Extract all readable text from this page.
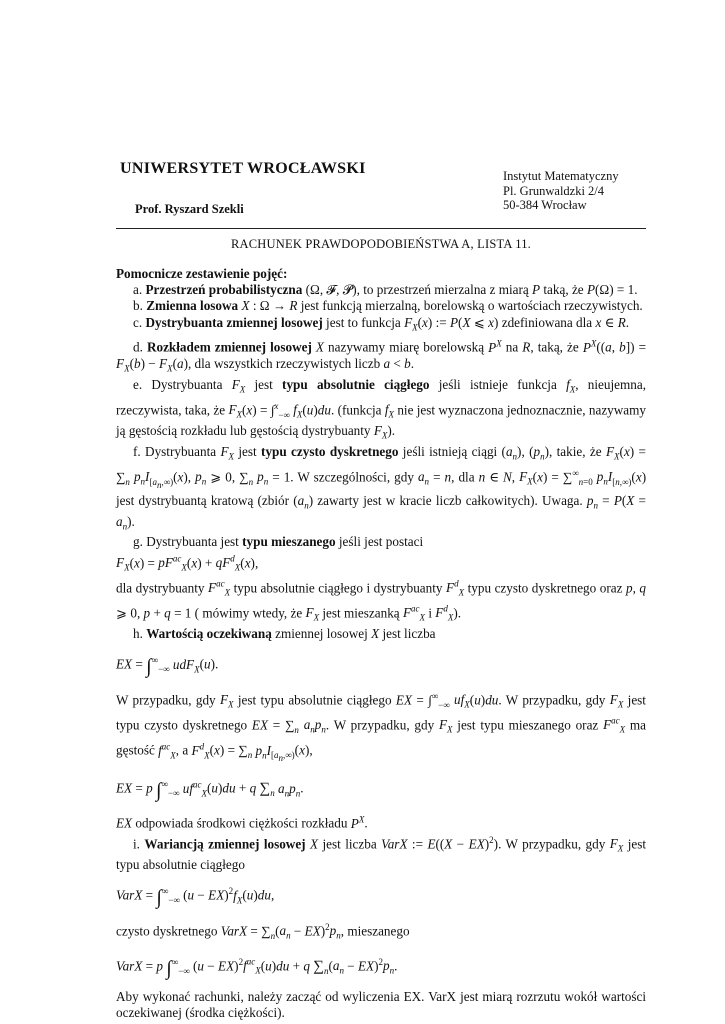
UNIWERSYTET WROCŁAWSKI
Prof. Ryszard Szekli
Instytut Matematyczny
Pl. Grunwaldzki 2/4
50-384 Wrocław
RACHUNEK PRAWDOPODOBIEŃSTWA A, LISTA 11.

Pomocnicze zestawienie pojęć:

a. Przestrzeń probabilistyczna (Ω, 𝓕, 𝓟), to przestrzeń mierzalna z miarą P taką, że P(Ω) = 1.

b. Zmienna losowa X : Ω → R jest funkcją mierzalną, borelowską o wartościach rzeczywistych.

c. Dystrybuanta zmiennej losowej jest to funkcja $F_X(x)$ := P(X ⩽ x) zdefiniowana dla x ∈ R.

d. Rozkładem zmiennej losowej X nazywamy miarę borelowską $P^X$ na R, taką, że $P^X((a$, $b]) = F_X(b) - F_X(a)$, dla wszystkich rzeczywistych liczb a < b.

e. Dystrybuanta $F_X$ jest typu absolutnie ciągłego jeśli istnieje funkcja $f_X$, nieujemna, rzeczywista, taka, że $F_X(x) = \int^x_{-\infty}$ $f_X(u)du$. (funkcja $f_X$ nie jest wyznaczona jednoznacznie, nazywamy ją gęstością rozkładu lub gęstością dystrybuanty $F_X$).

f. Dystrybuanta $F_X$ jest typu czysto dyskretnego jeśli istnieją ciągi $(a_n)$, $(p_n)$, takie, że $F_X(x) = \sum_n$ $p_nI_{[a_n,\infty)}(x)$, $p_n$ ⩾ 0, $\sum_n$ $p_n = 1$. W szczególności, gdy $a_n = n$, dla n ∈ N, $F_X(x) = \sum^\infty_{n=0}$ $p_nI_{[n,\infty)}(x)$ jest dystrybuantą kratową (zbiór $(a_n)$ zawarty jest w kracie liczb całkowitych). Uwaga. $p_n = P(X = a_n)$.

g. Dystrybuanta jest typu mieszanego jeśli jest postaci

$F_X(x) = pF^{ac}_X(x) + qF^d_X(x)$,

dla dystrybuanty $F^{ac}_X$ typu absolutnie ciągłego i dystrybuanty $F^d_X$ typu czysto dyskretnego oraz p, q ⩾ 0, p + q = 1 ( mówimy wtedy, że $F_X$ jest mieszanką $F^{ac}_X$ i $F^d_X$).

h. Wartością oczekiwaną zmiennej losowej X jest liczba

EX = $\int^\infty_{-\infty}$ udF$_X$(u).

W przypadku, gdy $F_X$ jest typu absolutnie ciągłego EX = $\int^\infty_{-\infty}$ $uf_X(u)du$. W przypadku, gdy $F_X$ jest typu czysto dyskretnego EX = $\sum_n$ $a_np_n$. W przypadku, gdy $F_X$ jest typu mieszanego oraz $F^{ac}_X$ ma gęstość $f^{ac}_X$, a $F^d_X(x) = \sum_n$ $p_nI_{[a_n,\infty)}(x)$,

EX = p $\int^\infty_{-\infty}$ $uf^{ac}_X(u)du + q$ $\sum_n$ $a_np_n$.

EX odpowiada środkowi ciężkości rozkładu $P^X$.

i. Wariancją zmiennej losowej X jest liczba VarX := E((X − EX)$^2$). W przypadku, gdy $F_X$ jest typu absolutnie ciągłego

VarX = $\int^\infty_{-\infty}$ $(u - EX)^2f_X(u)du$,

czysto dyskretnego VarX = $\sum_n(a_n - EX)^2p_n$, mieszanego

VarX = p $\int^\infty_{-\infty}$ $(u - EX)^2f^{ac}_X(u)du + q$ $\sum_n(a_n - EX)^2p_n$.

Aby wykonać rachunki, należy zacząć od wyliczenia EX. VarX jest miarą rozrzutu wokół wartości oczekiwanej (środka ciężkości).
